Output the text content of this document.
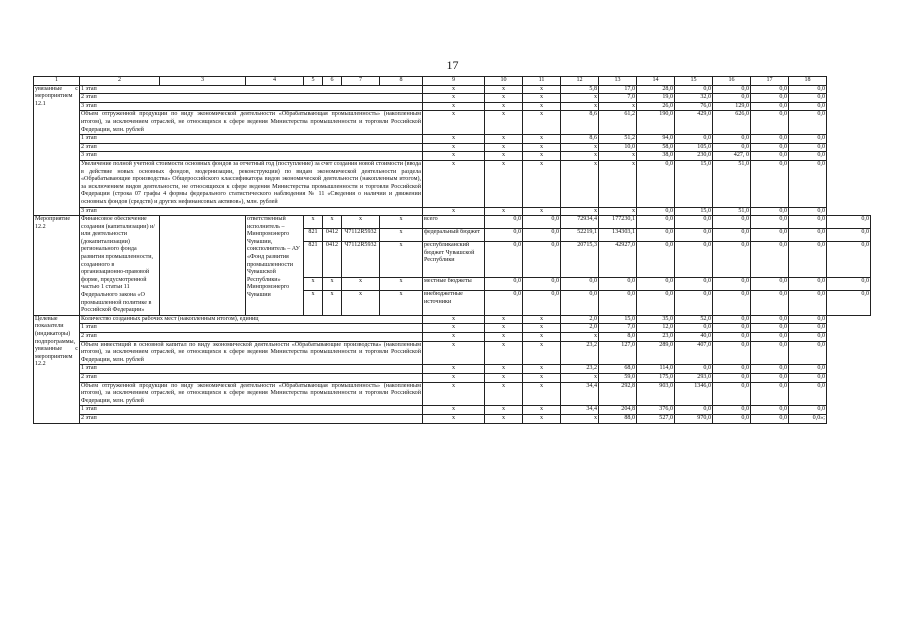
17
1	2	3	4	5	6	7	8	9	10	11	12	13	14	15	16	17	18	
увязанные с мероприятием 12.1	1 этап							х	х	х	5,8	17,0	28,0	0,0	0,0	0,0	0,0	
	2 этап							х	х	х	х	7,0	19,0	32,0	0,0	0,0	0,0	
	3 этап							х	х	х	х	х	26,0	76,0	129,0	0,0	0,0	
	Объем отгруженной продукции по виду экономической деятельности «Обрабатывающая промышленность» (накопленным итогом), за исключением отраслей, не относящихся к сфере ведения Министерства промышленности и торговли Российской Федерации, млн. рублей							х	х	х	8,6	61,2	190,0	429,0	626,0	0,0	0,0	
	1 этап							х	х	х	8,6	51,2	94,0	0,0	0,0	0,0	0,0	
	2 этап							х	х	х	х	10,0	58,0	105,0	0,0	0,0	0,0	
	3 этап							х	х	х	х	х	38,0	230,0	427, 0	0,0	0,0	
	Увеличение полной учетной стоимости основных фондов за отчетный год (поступление) за счет создания новой стоимости (ввода в действие новых основных фондов, модернизации, реконструкции) по видам экономической деятельности раздела «Обрабатывающие производства» Общероссийского классификатора видов экономической деятельности (накопленным итогом), за исключением видов деятельности, не относящихся к сфере ведения Министерства промышленности и торговли Российской Федерации (строка 07 графы 4 формы федерального статистического наблюдения № 11 «Сведения о наличии и движении основных фондов (средств) и других нефинансовых активов»), млн. рублей							х	х	х	х	х	0,0	15,0	51,0	0,0	0,0	
	3 этап							х	х	х	х	х	0,0	15,0	51,0	0,0	0,0	
Мероприятие 12.2	Финансовое обеспечение создания (капитализации) и/или деятельности (докапитализации) регионального фонда развития промышленности, созданного в организационно-правовой форме, предусмотренной частью 1 статьи 11 Федерального закона «О промышленной политике в Российской Федерации»		ответственный исполнитель – Минпромэнерго Чувашии, соисполнитель – АУ «Фонд развития промышленности Чувашской Республики» Минпромэнерго Чувашии	х	х	х	х	всего	0,0	0,0	72934,4	177230,1	0,0	0,0	0,0	0,0	0,0	0,0
				821	0412	Ч7112R5932	х	федеральный бюджет	0,0	0,0	52219,1	134303,1	0,0	0,0	0,0	0,0	0,0	0,0
				821	0412	Ч7112R5932	х	республиканский бюджет Чувашской Республики	0,0	0,0	20715,3	42927,0	0,0	0,0	0,0	0,0	0,0	0,0
				х	х	х	х	местные бюджеты	0,0	0,0	0,0	0,0	0,0	0,0	0,0	0,0	0,0	0,0
				х	х	х	х	внебюджетные источники	0,0	0,0	0,0	0,0	0,0	0,0	0,0	0,0	0,0	0,0
Целевые показатели (индикаторы) подпрограммы, увязанные с мероприятием 12.2	Количество созданных рабочих мест (накопленным итогом), единиц							х	х	х	2,0	15,0	35,0	52,0	0,0	0,0	0,0	
	1 этап							х	х	х	2,0	7,0	12,0	0,0	0,0	0,0	0,0	
	2 этап							х	х	х	х	8,0	23,0	40,0	0,0	0,0	0,0	
	Объем инвестиций в основной капитал по виду экономической деятельности «Обрабатывающие производства» (накопленным итогом), за исключением отраслей, не относящихся к сфере ведения Министерства промышленности и торговли Российской Федерации, млн. рублей							х	х	х	23,2	127,0	289,0	407,0	0,0	0,0	0,0	
	1 этап							х	х	х	23,2	68,0	114,0	0,0	0,0	0,0	0,0	
	2 этап							х	х	х	х	59,0	175,0	293,0	0,0	0,0	0,0	
	Объем отгруженной продукции по виду экономической деятельности «Обрабатывающая промышленность» (накопленным итогом), за исключением отраслей, не относящихся к сфере ведения Министерства промышленности и торговли Российской Федерации, млн. рублей							х	х	х	34,4	292,8	903,0	1346,0	0,0	0,0	0,0	
	1 этап							х	х	х	34,4	204,8	376,0	0,0	0,0	0,0	0,0	
	2 этап							х	х	х	х	88,0	527,0	970,0	0,0	0,0	0,0»;	
